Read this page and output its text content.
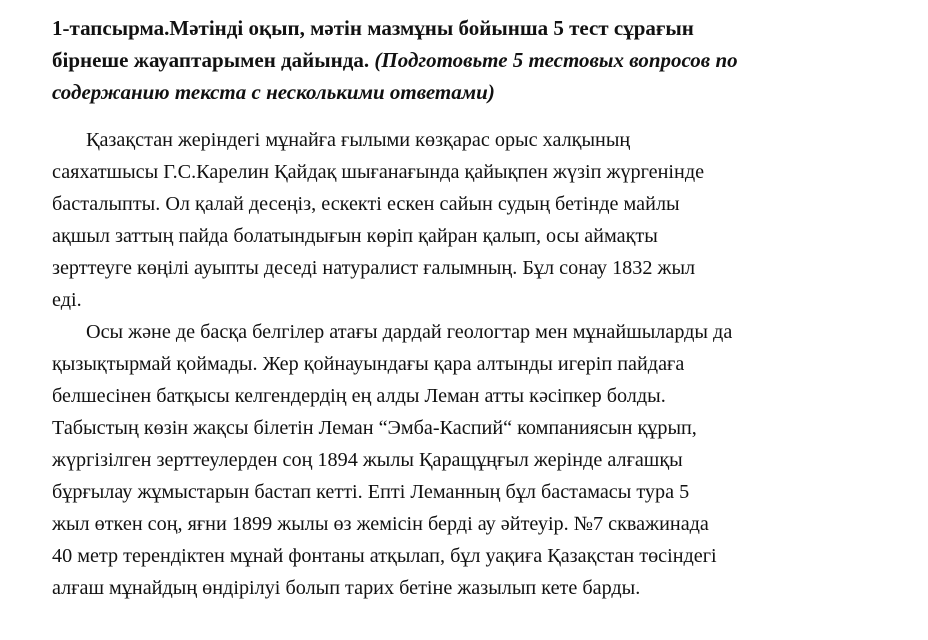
1-тапсырма.Мәтінді оқып, мәтін мазмұны бойынша 5 тест сұрағын

бірнеше жауаптарымен дайында. (Подготовьте 5 тестовых вопросов по

содержанию текста с несколькими ответами)

Қазақстан жеріндегі мұнайға ғылыми көзқарас орыс халқының
саяхатшысы Г.С.Карелин Қайдақ шығанағында қайықпен жүзіп жүргенінде
басталыпты. Ол қалай десеңіз, ескекті ескен сайын судың бетінде майлы
ақшыл заттың пайда болатындығын көріп қайран қалып, осы аймақты
зерттеуге көңілі ауыпты деседі натуралист ғалымның. Бұл сонау 1832 жыл
еді.
Осы және де басқа белгілер атағы дардай геологтар мен мұнайшыларды да
қызықтырмай қоймады. Жер қойнауындағы қара алтынды игеріп пайдаға
белшесінен батқысы келгендердің ең алды Леман атты кәсіпкер болды.
Табыстың көзін жақсы білетін Леман “Эмба-Каспий“ компаниясын құрып,
жүргізілген зерттеулерден соң 1894 жылы Қаращұңғыл жерінде алғашқы
бұрғылау жұмыстарын бастап кетті. Епті Леманның бұл бастамасы тура 5
жыл өткен соң, яғни 1899 жылы өз жемісін берді ау әйтеуір. №7 скважинада
40 метр терендіктен мұнай фонтаны атқылап, бұл уақиға Қазақстан төсіндегі
алғаш мұнайдың өндірілуі болып тарих бетіне жазылып кете барды.
